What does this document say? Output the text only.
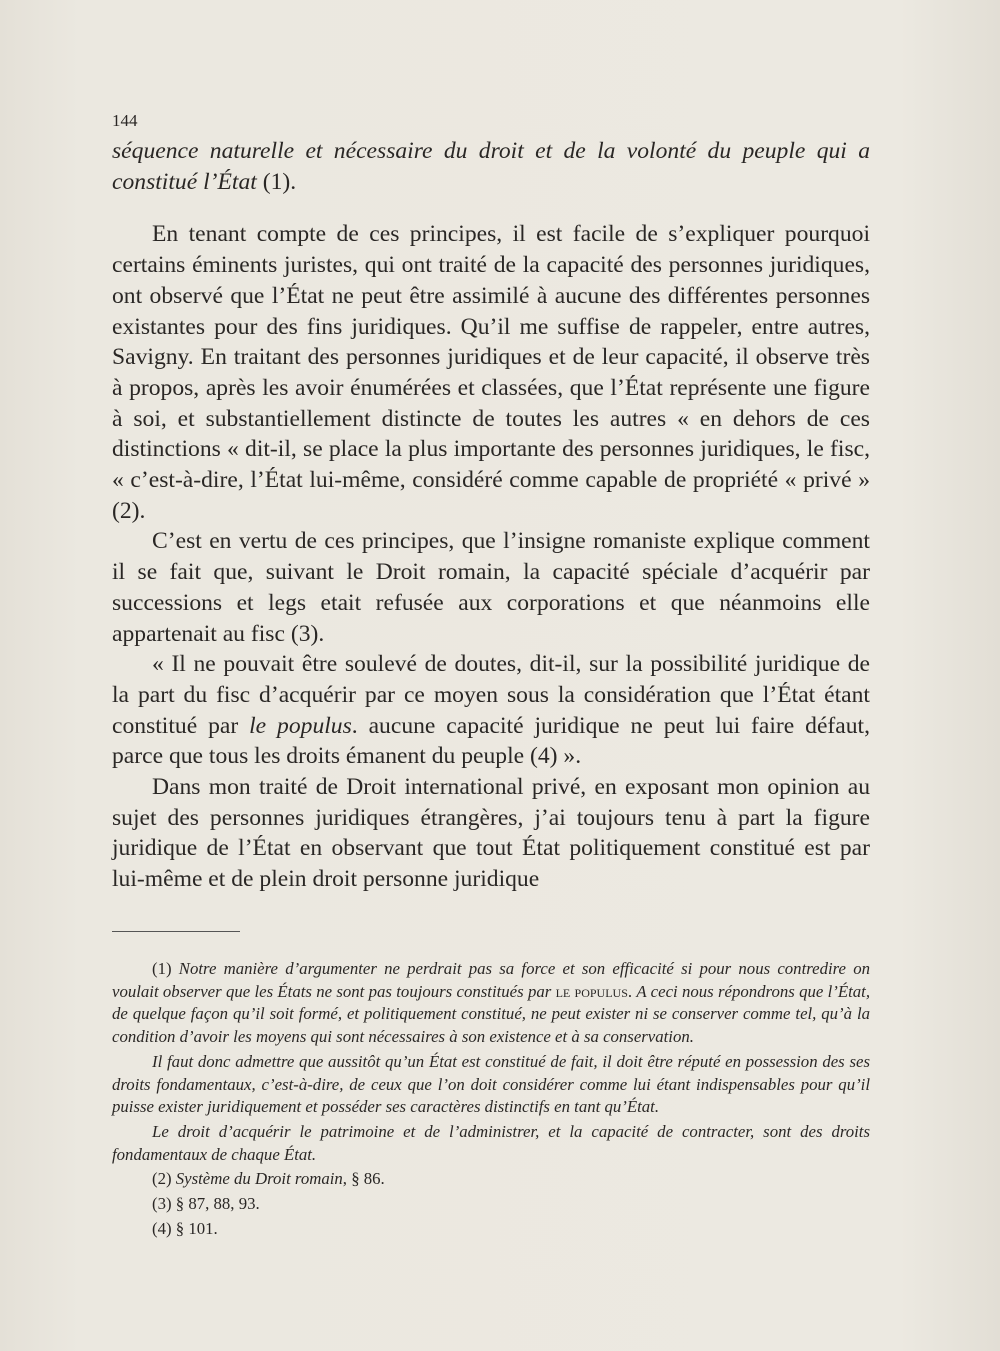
144

séquence naturelle et nécessaire du droit et de la volonté du peuple qui a constitué l’État (1).

En tenant compte de ces principes, il est facile de s’expliquer pourquoi certains éminents juristes, qui ont traité de la capacité des personnes juridiques, ont observé que l’État ne peut être assimilé à aucune des différentes personnes existantes pour des fins juridiques. Qu’il me suffise de rappeler, entre autres, Savigny. En traitant des personnes juridiques et de leur capacité, il observe très à propos, après les avoir énumérées et classées, que l’État représente une figure à soi, et substantiellement distincte de toutes les autres « en dehors de ces distinctions « dit-il, se place la plus importante des personnes juridiques, le fisc, « c’est-à-dire, l’État lui-même, considéré comme capable de propriété « privé » (2).

C’est en vertu de ces principes, que l’insigne romaniste explique comment il se fait que, suivant le Droit romain, la capacité spéciale d’acquérir par successions et legs etait refusée aux corporations et que néanmoins elle appartenait au fisc (3).

« Il ne pouvait être soulevé de doutes, dit-il, sur la possibilité juridique de la part du fisc d’acquérir par ce moyen sous la considération que l’État étant constitué par le populus. aucune capacité juridique ne peut lui faire défaut, parce que tous les droits émanent du peuple (4) ».

Dans mon traité de Droit international privé, en exposant mon opinion au sujet des personnes juridiques étrangères, j’ai toujours tenu à part la figure juridique de l’État en observant que tout État politiquement constitué est par lui-même et de plein droit personne juridique

(1) Notre manière d’argumenter ne perdrait pas sa force et son efficacité si pour nous contredire on voulait observer que les États ne sont pas toujours constitués par le populus. A ceci nous répondrons que l’État, de quelque façon qu’il soit formé, et politiquement constitué, ne peut exister ni se conserver comme tel, qu’à la condition d’avoir les moyens qui sont nécessaires à son existence et à sa conservation.

Il faut donc admettre que aussitôt qu’un État est constitué de fait, il doit être réputé en possession des ses droits fondamentaux, c’est-à-dire, de ceux que l’on doit considérer comme lui étant indispensables pour qu’il puisse exister juridiquement et posséder ses caractères distinctifs en tant qu’État.

Le droit d’acquérir le patrimoine et de l’administrer, et la capacité de contracter, sont des droits fondamentaux de chaque État.

(2) Système du Droit romain, § 86.

(3) § 87, 88, 93.

(4) § 101.
